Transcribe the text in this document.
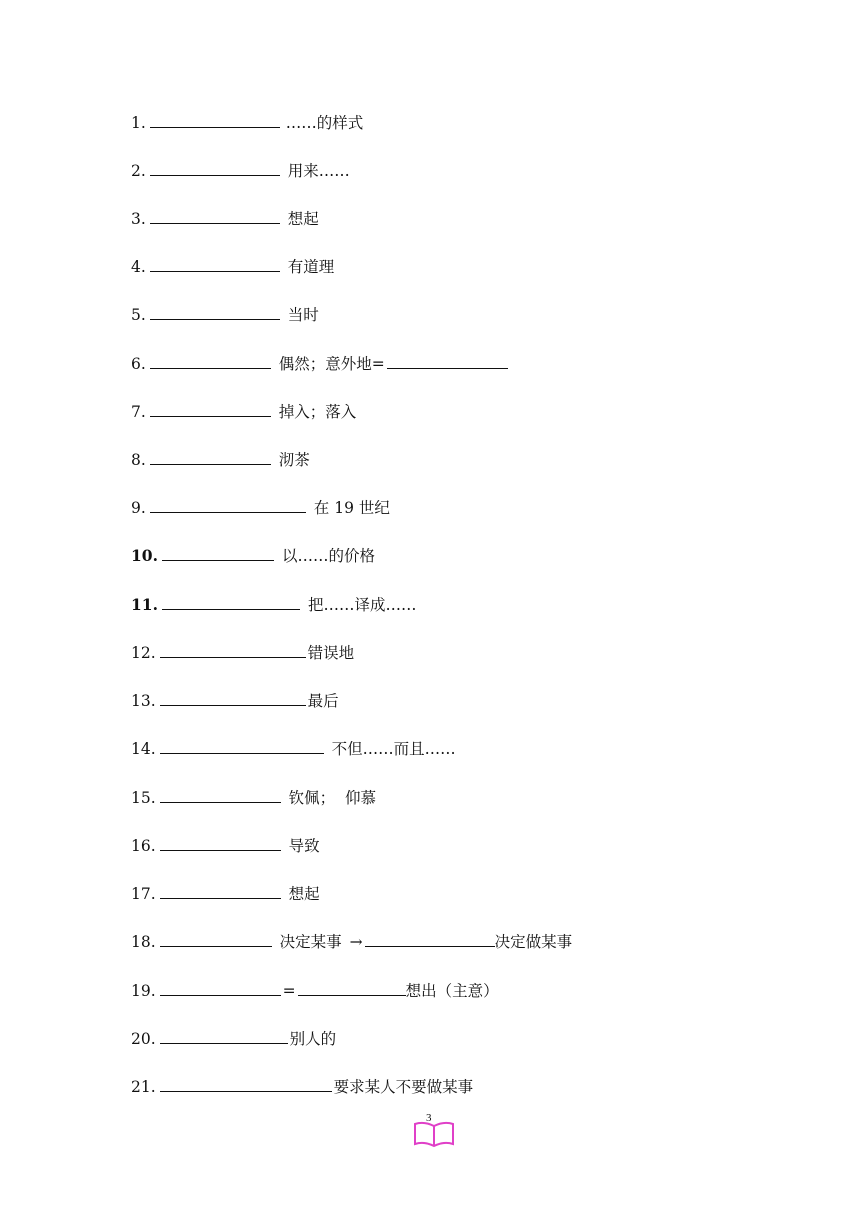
1.	……的样式
2.	用来……
3.	想起
4.	有道理
5.	当时
6.	偶然；意外地=
7.	掉入；落入
8.	沏茶
9.	在 19 世纪
10.	以……的价格
11.	把……译成……
12.	错误地
13.	最后
14.	不但……而且……
15.	钦佩；  仰慕
16.	导致
17.	想起
18.	决定某事 →	决定做某事
19.	=	想出（主意）
20.	别人的
21.	要求某人不要做某事
3
